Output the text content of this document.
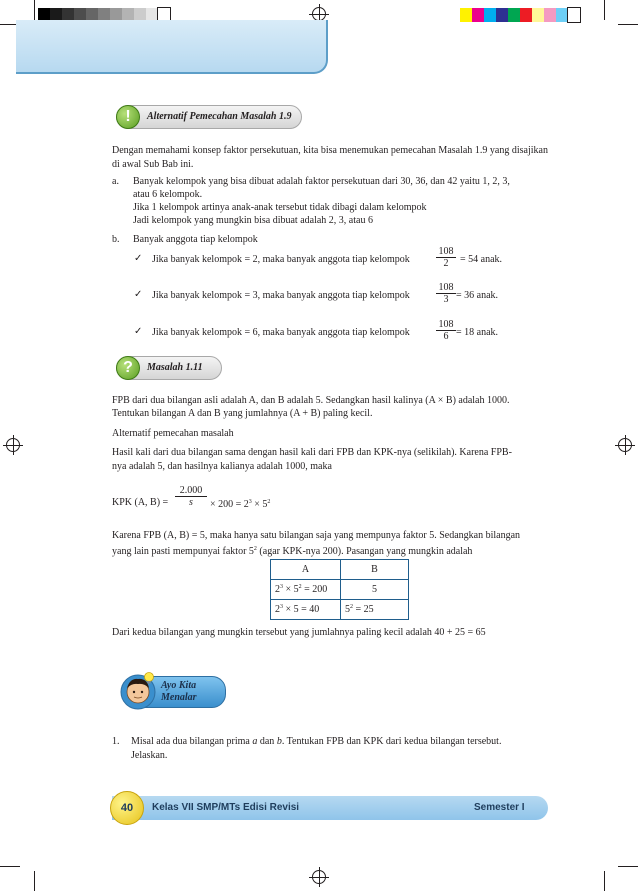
Alternatif Pemecahan Masalah 1.9
!
Dengan memahami konsep faktor persekutuan, kita bisa menemukan pemecahan Masalah 1.9 yang disajikan di awal Sub Bab ini.
a. Banyak kelompok yang bisa dibuat adalah faktor persekutuan dari 30, 36, dan 42 yaitu 1, 2, 3,
atau 6 kelompok.
Jika 1 kelompok artinya anak-anak tersebut tidak dibagi dalam kelompok
Jadi kelompok yang mungkin bisa dibuat adalah 2, 3, atau 6
b. Banyak anggota tiap kelompok
✓ Jika banyak kelompok = 2, maka banyak anggota tiap kelompok	$\frac{108}{2} = 54$ anak.
✓ Jika banyak kelompok = 3, maka banyak anggota tiap kelompok	$\frac{108}{3} = 36$ anak.
✓ Jika banyak kelompok = 6, maka banyak anggota tiap kelompok	$\frac{108}{6} = 18$ anak.
Masalah 1.11
?
FPB dari dua bilangan asli adalah A, dan B adalah 5. Sedangkan hasil kalinya (A × B) adalah 1000.
Tentukan bilangan A dan B yang jumlahnya (A + B) paling kecil.
Alternatif pemecahan masalah
Hasil kali dari dua bilangan sama dengan hasil kali dari FPB dan KPK-nya (selikilah). Karena FPB-
nya adalah 5, dan hasilnya kalianya adalah 1000, maka
KPK (A, $B) = \frac{2.000}{s} \times 200 = 2^3 \times 5^2$
Karena FPB (A, B) = 5, maka hanya satu bilangan saja yang mempunya faktor 5. Sedangkan bilangan
yang lain pasti mempunyai faktor $5^2$ (agar KPK-nya 200). Pasangan yang mungkin adalah
A	B
$2^3 \times 5^2 = 200$	5
$2^3 \times 5 = 40$	$5^2 = 25$
Dari kedua bilangan yang mungkin tersebut yang jumlahnya paling kecil adalah 40 + 25 = 65
Ayo Kita
Menalar
1. Misal ada dua bilangan prima a dan b. Tentukan FPB dan KPK dari kedua bilangan tersebut.
Jelaskan.
40	Kelas VII SMP/MTs Edisi Revisi	Semester I
